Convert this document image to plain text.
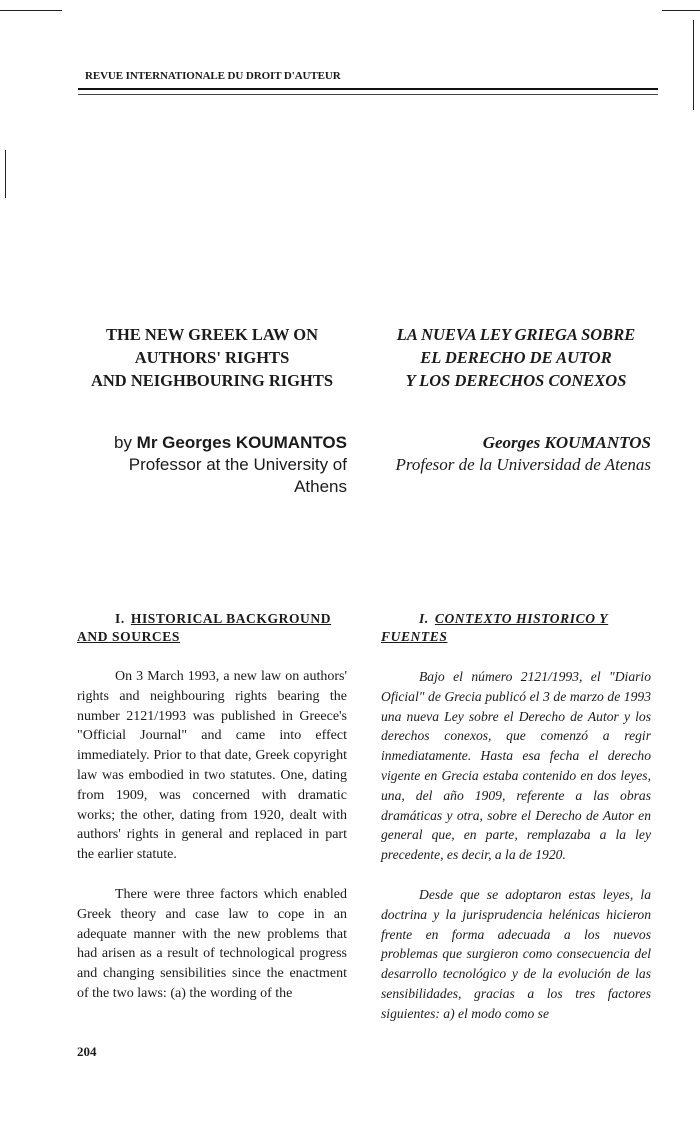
REVUE INTERNATIONALE DU DROIT D'AUTEUR
THE NEW GREEK LAW ON
AUTHORS' RIGHTS
AND NEIGHBOURING RIGHTS
LA NUEVA LEY GRIEGA SOBRE
EL DERECHO DE AUTOR
Y LOS DERECHOS CONEXOS
by Mr Georges KOUMANTOS
Professor at the University of Athens
Georges KOUMANTOS
Profesor de la Universidad de Atenas
I. HISTORICAL BACKGROUND AND SOURCES
I. CONTEXTO HISTORICO Y FUENTES

On 3 March 1993, a new law on authors' rights and neighbouring rights bearing the number 2121/1993 was published in Greece's "Official Journal" and came into effect immediately. Prior to that date, Greek copyright law was embodied in two statutes. One, dating from 1909, was concerned with dramatic works; the other, dating from 1920, dealt with authors' rights in general and replaced in part the earlier statute.

There were three factors which enabled Greek theory and case law to cope in an adequate manner with the new problems that had arisen as a result of technological progress and changing sensibilities since the enactment of the two laws: (a) the wording of the

Bajo el número 2121/1993, el "Diario Oficial" de Grecia publicó el 3 de marzo de 1993 una nueva Ley sobre el Derecho de Autor y los derechos conexos, que comenzó a regir inmediatamente. Hasta esa fecha el derecho vigente en Grecia estaba contenido en dos leyes, una, del año 1909, referente a las obras dramáticas y otra, sobre el Derecho de Autor en general que, en parte, remplazaba a la ley precedente, es decir, a la de 1920.

Desde que se adoptaron estas leyes, la doctrina y la jurisprudencia helénicas hicieron frente en forma adecuada a los nuevos problemas que surgieron como consecuencia del desarrollo tecnológico y de la evolución de las sensibilidades, gracias a los tres factores siguientes: a) el modo como se

204
